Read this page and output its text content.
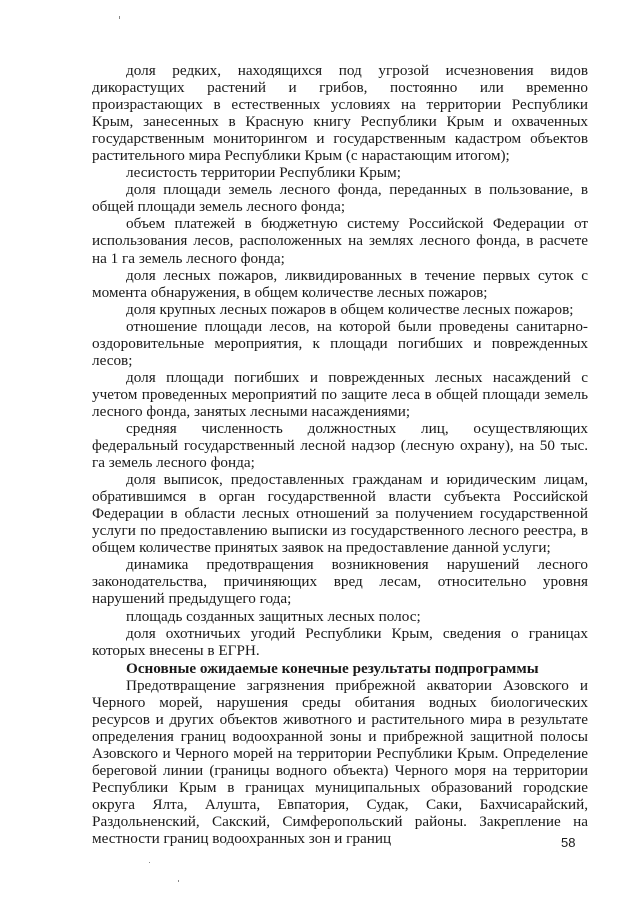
доля редких, находящихся под угрозой исчезновения видов дикорастущих растений и грибов, постоянно или временно произрастающих в естественных условиях на территории Республики Крым, занесенных в Красную книгу Республики Крым и охваченных государственным мониторингом и государственным кадастром объектов растительного мира Республики Крым (с нарастающим итогом);

лесистость территории Республики Крым;

доля площади земель лесного фонда, переданных в пользование, в общей площади земель лесного фонда;

объем платежей в бюджетную систему Российской Федерации от использования лесов, расположенных на землях лесного фонда, в расчете на 1 га земель лесного фонда;

доля лесных пожаров, ликвидированных в течение первых суток с момента обнаружения, в общем количестве лесных пожаров;

доля крупных лесных пожаров в общем количестве лесных пожаров;

отношение площади лесов, на которой были проведены санитарно-оздоровительные мероприятия, к площади погибших и поврежденных лесов;

доля площади погибших и поврежденных лесных насаждений с учетом проведенных мероприятий по защите леса в общей площади земель лесного фонда, занятых лесными насаждениями;

средняя численность должностных лиц, осуществляющих федеральный государственный лесной надзор (лесную охрану), на 50 тыс. га земель лесного фонда;

доля выписок, предоставленных гражданам и юридическим лицам, обратившимся в орган государственной власти субъекта Российской Федерации в области лесных отношений за получением государственной услуги по предоставлению выписки из государственного лесного реестра, в общем количестве принятых заявок на предоставление данной услуги;

динамика предотвращения возникновения нарушений лесного законодательства, причиняющих вред лесам, относительно уровня нарушений предыдущего года;

площадь созданных защитных лесных полос;

доля охотничьих угодий Республики Крым, сведения о границах которых внесены в ЕГРН.

Основные ожидаемые конечные результаты подпрограммы

Предотвращение загрязнения прибрежной акватории Азовского и Черного морей, нарушения среды обитания водных биологических ресурсов и других объектов животного и растительного мира в результате определения границ водоохранной зоны и прибрежной защитной полосы Азовского и Черного морей на территории Республики Крым. Определение береговой линии (границы водного объекта) Черного моря на территории Республики Крым в границах муниципальных образований городские округа Ялта, Алушта, Евпатория, Судак, Саки, Бахчисарайский, Раздольненский, Сакский, Симферопольский районы. Закрепление на местности границ водоохранных зон и границ	58
